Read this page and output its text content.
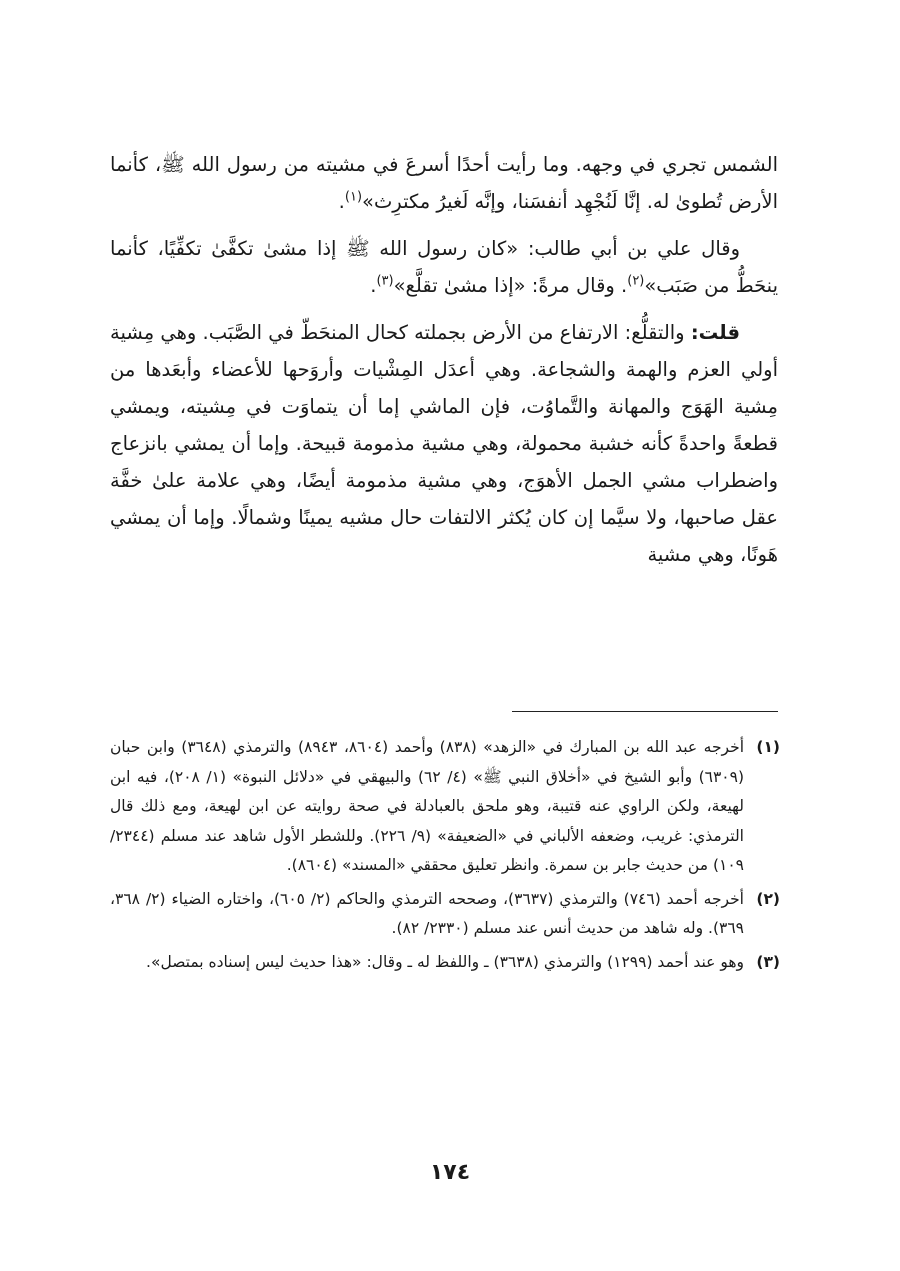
الشمس تجري في وجهه. وما رأيت أحدًا أسرعَ في مشيته من رسول الله ﷺ، كأنما الأرض تُطوىٰ له. إنَّا لَنُجْهِد أنفسَنا، وإنَّه لَغيرُ مكترِث»$^{(١)}$.

وقال علي بن أبي طالب: «كان رسول الله ﷺ إذا مشىٰ تكفَّىٰ تكفِّيًا، كأنما ينحَطُّ من صَبَب»$^{(٢)}$. وقال مرةً: «إذا مشىٰ تقلَّع»$^{(٣)}$.

قلت: والتقلُّع: الارتفاع من الأرض بجملته كحال المنحَطّ في الصَّبَب. وهي مِشية أولي العزم والهمة والشجاعة. وهي أعدَل المِشْيات وأروَحها للأعضاء وأبعَدها من مِشية الهَوَج والمهانة والتَّماوُت، فإن الماشي إما أن يتماوَت في مِشيته، ويمشي قطعةً واحدةً كأنه خشبة محمولة، وهي مشية مذمومة قبيحة. وإما أن يمشي بانزعاج واضطراب مشي الجمل الأهوَج، وهي مشية مذمومة أيضًا، وهي علامة علىٰ خفَّة عقل صاحبها، ولا سيَّما إن كان يُكثر الالتفات حال مشيه يمينًا وشمالًا. وإما أن يمشي هَونًا، وهي مشية

(١)
أخرجه عبد الله بن المبارك في «الزهد» (٨٣٨) وأحمد (٨٦٠٤، ٨٩٤٣) والترمذي (٣٦٤٨) وابن حبان (٦٣٠٩) وأبو الشيخ في «أخلاق النبي ﷺ» (٤/ ٦٢) والبيهقي في «دلائل النبوة» (١/ ٢٠٨)، فيه ابن لهيعة، ولكن الراوي عنه قتيبة، وهو ملحق بالعبادلة في صحة روايته عن ابن لهيعة، ومع ذلك قال الترمذي: غريب، وضعفه الألباني في «الضعيفة» (٩/ ٢٢٦). وللشطر الأول شاهد عند مسلم (٢٣٤٤/ ١٠٩) من حديث جابر بن سمرة. وانظر تعليق محققي «المسند» (٨٦٠٤).
(٢)
أخرجه أحمد (٧٤٦) والترمذي (٣٦٣٧)، وصححه الترمذي والحاكم (٢/ ٦٠٥)، واختاره الضياء (٢/ ٣٦٨، ٣٦٩). وله شاهد من حديث أنس عند مسلم (٢٣٣٠/ ٨٢).
(٣)
وهو عند أحمد (١٢٩٩) والترمذي (٣٦٣٨) ـ واللفظ له ـ وقال: «هذا حديث ليس إسناده بمتصل».
١٧٤
